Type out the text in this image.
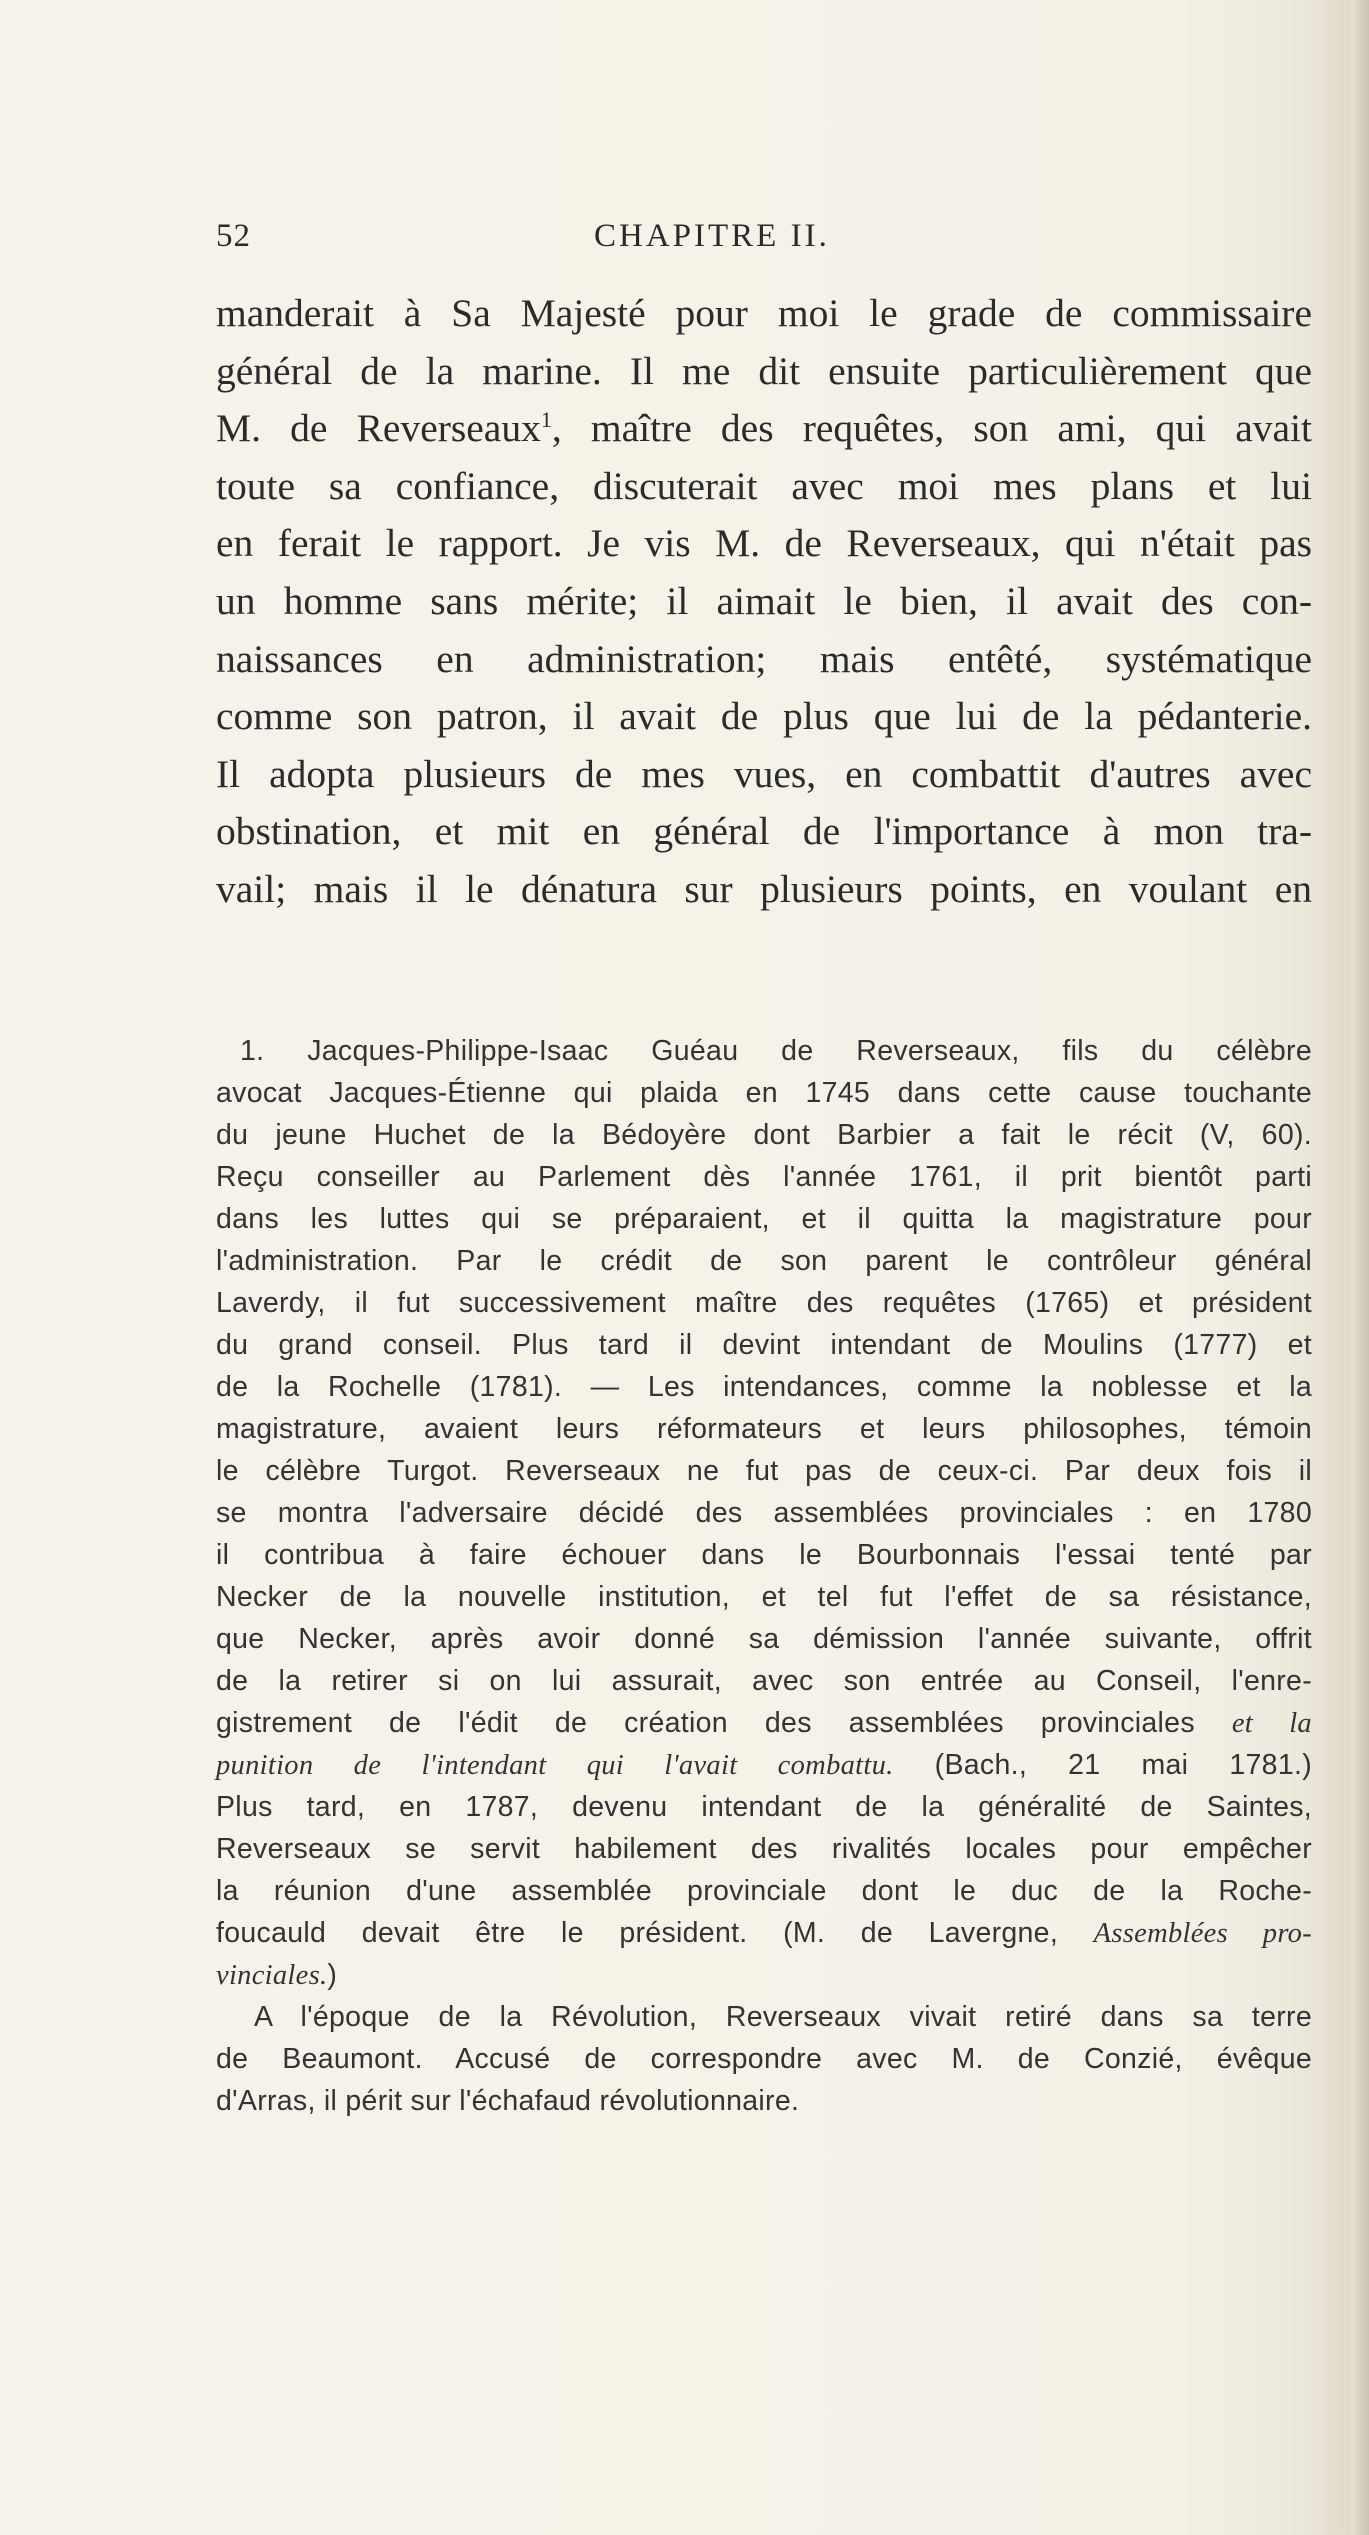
52	CHAPITRE II.
manderait à Sa Majesté pour moi le grade de commissaire
général de la marine. Il me dit ensuite particulièrement que
M. de Reverseaux$^1$, maître des requêtes, son ami, qui avait
toute sa confiance, discuterait avec moi mes plans et lui
en ferait le rapport. Je vis M. de Reverseaux, qui n'était pas
un homme sans mérite; il aimait le bien, il avait des con-
naissances en administration; mais entêté, systématique
comme son patron, il avait de plus que lui de la pédanterie.
Il adopta plusieurs de mes vues, en combattit d'autres avec
obstination, et mit en général de l'importance à mon tra-
vail; mais il le dénatura sur plusieurs points, en voulant en
1. Jacques-Philippe-Isaac Guéau de Reverseaux, fils du célèbre
avocat Jacques-Étienne qui plaida en 1745 dans cette cause touchante
du jeune Huchet de la Bédoyère dont Barbier a fait le récit (V, 60).
Reçu conseiller au Parlement dès l'année 1761, il prit bientôt parti
dans les luttes qui se préparaient, et il quitta la magistrature pour
l'administration. Par le crédit de son parent le contrôleur général
Laverdy, il fut successivement maître des requêtes (1765) et président
du grand conseil. Plus tard il devint intendant de Moulins (1777) et
de la Rochelle (1781). — Les intendances, comme la noblesse et la
magistrature, avaient leurs réformateurs et leurs philosophes, témoin
le célèbre Turgot. Reverseaux ne fut pas de ceux-ci. Par deux fois il
se montra l'adversaire décidé des assemblées provinciales : en 1780
il contribua à faire échouer dans le Bourbonnais l'essai tenté par
Necker de la nouvelle institution, et tel fut l'effet de sa résistance,
que Necker, après avoir donné sa démission l'année suivante, offrit
de la retirer si on lui assurait, avec son entrée au Conseil, l'enre-
gistrement de l'édit de création des assemblées provinciales et la
punition de l'intendant qui l'avait combattu. (Bach., 21 mai 1781.)
Plus tard, en 1787, devenu intendant de la généralité de Saintes,
Reverseaux se servit habilement des rivalités locales pour empêcher
la réunion d'une assemblée provinciale dont le duc de la Roche-
foucauld devait être le président. (M. de Lavergne, Assemblées pro-
vinciales.)
A l'époque de la Révolution, Reverseaux vivait retiré dans sa terre
de Beaumont. Accusé de correspondre avec M. de Conzié, évêque
d'Arras, il périt sur l'échafaud révolutionnaire.
